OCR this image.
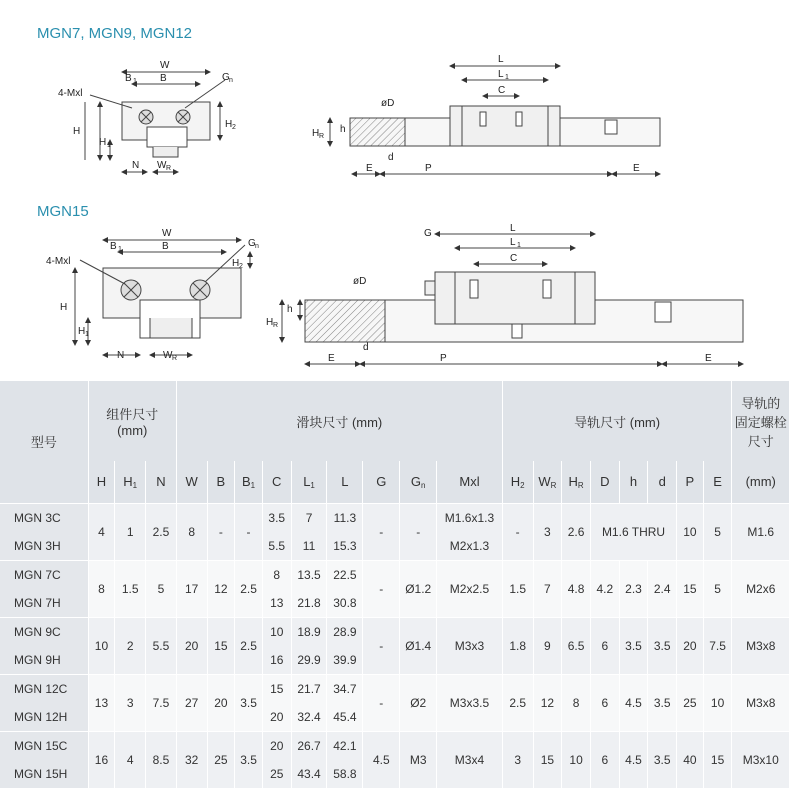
MGN7, MGN9, MGN12
MGN15
W
B 1 B	G n
4-Mxl
H
H 1
H 2
N W R
L
L 1
C
øD
H R
h
d
E	P	E
W
B 1	B	G n
4-Mxl
H
H 1
H 2
N	W R
G	L
L 1
C
øD
H R
h
d
E	P	E
型号	组件尺寸
(mm)			滑块尺寸 (mm)									导轨尺寸 (mm)								导轨的
固定螺栓
尺寸
	H	$H_1$	N	W	B	$B_1$	C	$L_1$	L	G	$G_n$	Mxl	$H_2$	$W_R$	$H_R$	D	h	d	P	E	(mm)
MGN 3C	4	1	2.5	8	-	-	3.5	7	11.3	-	-	M1.6x1.3	-	3	2.6	M1.6 THRU			10	5	M1.6
MGN 3H							5.5	11	15.3			M2x1.3									
MGN 7C	8	1.5	5	17	12	2.5	8	13.5	22.5	-	Ø1.2	M2x2.5	1.5	7	4.8	4.2	2.3	2.4	15	5	M2x6
MGN 7H							13	21.8	30.8												
MGN 9C	10	2	5.5	20	15	2.5	10	18.9	28.9	-	Ø1.4	M3x3	1.8	9	6.5	6	3.5	3.5	20	7.5	M3x8
MGN 9H							16	29.9	39.9												
MGN 12C	13	3	7.5	27	20	3.5	15	21.7	34.7	-	Ø2	M3x3.5	2.5	12	8	6	4.5	3.5	25	10	M3x8
MGN 12H							20	32.4	45.4												
MGN 15C	16	4	8.5	32	25	3.5	20	26.7	42.1	4.5	M3	M3x4	3	15	10	6	4.5	3.5	40	15	M3x10
MGN 15H							25	43.4	58.8												
